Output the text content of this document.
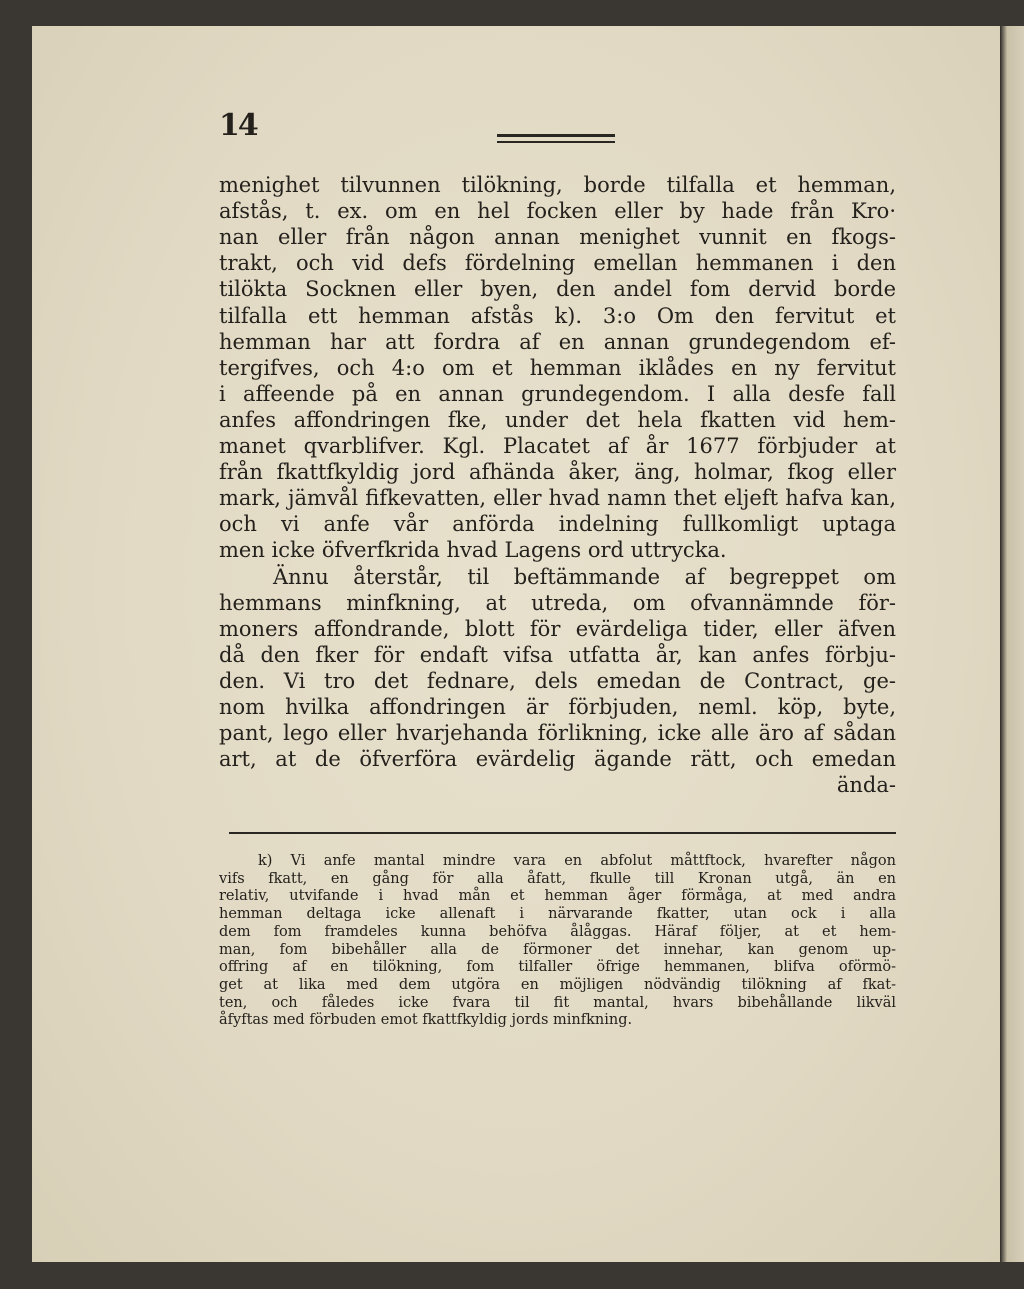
14
menighet tilvunnen tilökning, borde tilfalla et hemman,
afstås, t. ex. om en hel focken eller by hade från Kro·
nan eller från någon annan menighet vunnit en fkogs-
trakt, och vid defs fördelning emellan hemmanen i den
tilökta Socknen eller byen, den andel fom dervid borde
tilfalla ett hemman afstås k). 3:o Om den fervitut et
hemman har att fordra af en annan grundegendom ef-
tergifves, och 4:o om et hemman iklådes en ny fervitut
i affeende på en annan grundegendom. I alla desfe fall
anfes affondringen fke, under det hela fkatten vid hem-
manet qvarblifver. Kgl. Placatet af år 1677 förbjuder at
från fkattfkyldig jord afhända åker, äng, holmar, fkog eller
mark, jämvål fifkevatten, eller hvad namn thet eljeft hafva kan,
och vi anfe vår anförda indelning fullkomligt uptaga
men icke öfverfkrida hvad Lagens ord uttrycka.
Ännu återstår, til beftämmande af begreppet om
hemmans minfkning, at utreda, om ofvannämnde för-
moners affondrande, blott för evärdeliga tider, eller äfven
då den fker för endaft vifsa utfatta år, kan anfes förbju-
den. Vi tro det fednare, dels emedan de Contract, ge-
nom hvilka affondringen är förbjuden, neml. köp, byte,
pant, lego eller hvarjehanda förlikning, icke alle äro af sådan
art, at de öfverföra evärdelig ägande rätt, och emedan
ända-
k) Vi anfe mantal mindre vara en abfolut måttftock, hvarefter någon
vifs fkatt, en gång för alla åfatt, fkulle till Kronan utgå, än en
relativ, utvifande i hvad mån et hemman åger förmåga, at med andra
hemman deltaga icke allenaft i närvarande fkatter, utan ock i alla
dem fom framdeles kunna behöfva ålåggas. Häraf följer, at et hem-
man, fom bibehåller alla de förmoner det innehar, kan genom up-
offring af en tilökning, fom tilfaller öfrige hemmanen, blifva oförmö-
get at lika med dem utgöra en möjligen nödvändig tilökning af fkat-
ten, och fåledes icke fvara til fit mantal, hvars bibehållande likväl
åfyftas med förbuden emot fkattfkyldig jords minfkning.
